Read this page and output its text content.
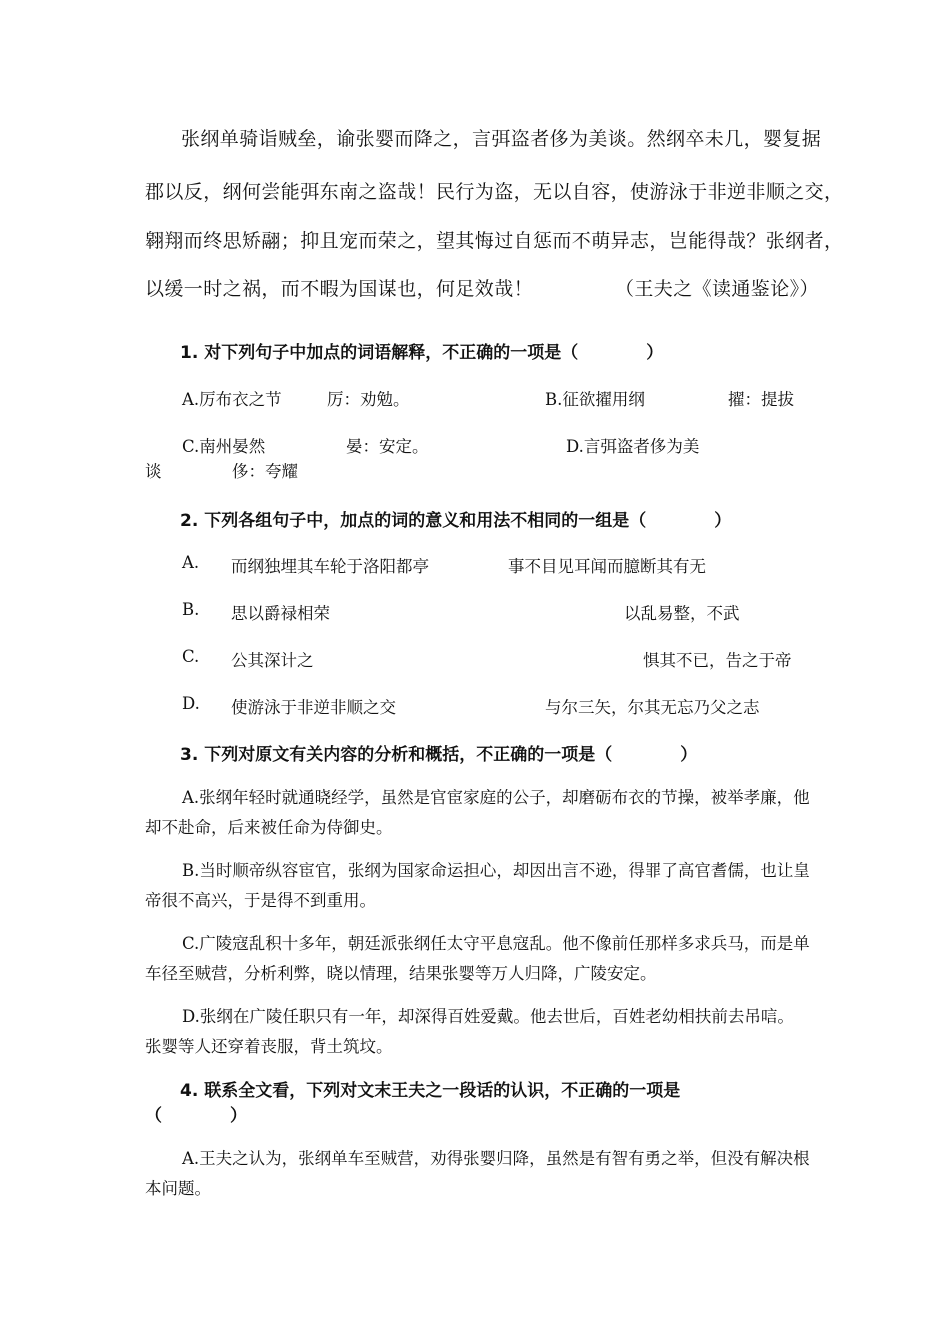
张纲单骑诣贼垒，谕张婴而降之，言弭盗者侈为美谈。然纲卒未几，婴复据
郡以反，纲何尝能弭东南之盗哉！民行为盗，无以自容，使游泳于非逆非顺之交，
翱翔而终思矫翮；抑且宠而荣之，望其悔过自惩而不萌异志，岂能得哉？张纲者，
以缓一时之祸，而不暇为国谋也，何足效哉！	（王夫之《读通鉴论》）
1. 对下列句子中加点的词语解释，不正确的一项是（　　　　）
A.厉布衣之节	厉：劝勉。	B.征欲擢用纲	擢：提拔
C.南州晏然	晏：安定。	D.言弭盗者侈为美
谈	侈：夸耀
2. 下列各组句子中，加点的词的意义和用法不相同的一组是（　　　　）
A. 而纲独埋其车轮于洛阳都亭	事不目见耳闻而臆断其有无
B. 思以爵禄相荣	以乱易整，不武
C. 公其深计之	惧其不已，告之于帝
D. 使游泳于非逆非顺之交	与尔三矢，尔其无忘乃父之志
3. 下列对原文有关内容的分析和概括，不正确的一项是（　　　　）
A.张纲年轻时就通晓经学，虽然是官宦家庭的公子，却磨砺布衣的节操，被举孝廉，他却不赴命，后来被任命为侍御史。
B.当时顺帝纵容宦官，张纲为国家命运担心，却因出言不逊，得罪了高官耆儒，也让皇帝很不高兴，于是得不到重用。
C.广陵寇乱积十多年，朝廷派张纲任太守平息寇乱。他不像前任那样多求兵马，而是单车径至贼营，分析利弊，晓以情理，结果张婴等万人归降，广陵安定。
D.张纲在广陵任职只有一年，却深得百姓爱戴。他去世后，百姓老幼相扶前去吊唁。张婴等人还穿着丧服，背土筑坟。
4. 联系全文看，下列对文末王夫之一段话的认识，不正确的一项是
（　　　　）
A.王夫之认为，张纲单车至贼营，劝得张婴归降，虽然是有智有勇之举，但没有解决根本问题。
